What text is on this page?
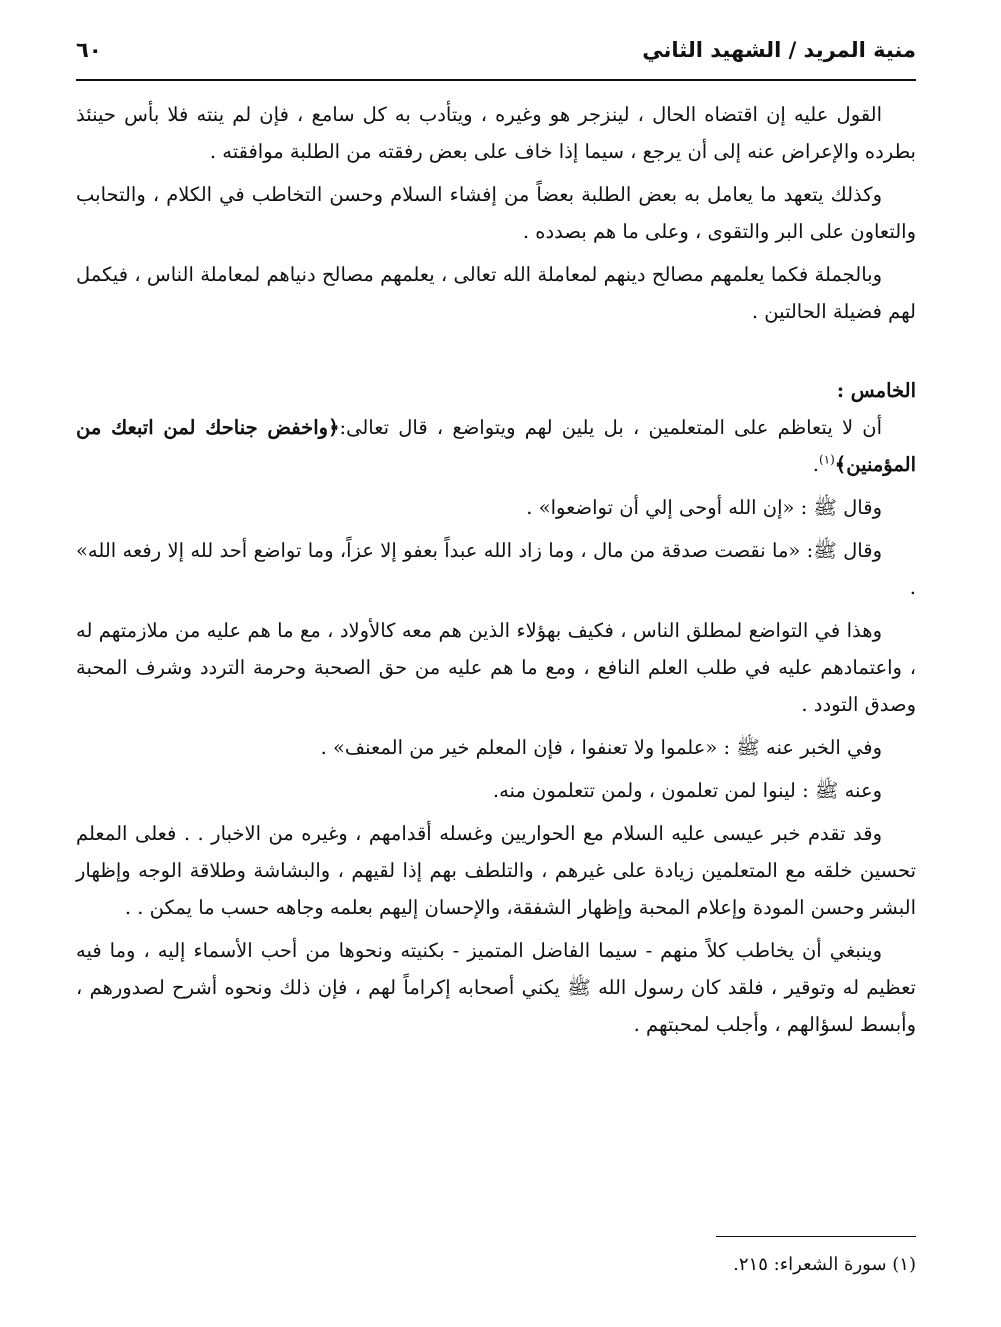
منية المريد / الشهيد الثاني
٦٠

القول عليه إن اقتضاه الحال ، لينزجر هو وغيره ، ويتأدب به كل سامع ، فإن لم ينته فلا بأس حينئذ بطرده والإعراض عنه إلى أن يرجع ، سيما إذا خاف على بعض رفقته من الطلبة موافقته .

وكذلك يتعهد ما يعامل به بعض الطلبة بعضاً من إفشاء السلام وحسن التخاطب في الكلام ، والتحابب والتعاون على البر والتقوى ، وعلى ما هم بصدده .

وبالجملة فكما يعلمهم مصالح دينهم لمعاملة الله تعالى ، يعلمهم مصالح دنياهم لمعاملة الناس ، فيكمل لهم فضيلة الحالتين .

الخامس :

أن لا يتعاظم على المتعلمين ، بل يلين لهم ويتواضع ، قال تعالى:﴿واخفض جناحك لمن اتبعك من المؤمنين﴾$^{(١)}$.

وقال ﷺ : «إن الله أوحى إلي أن تواضعوا» .

وقال ﷺ: «ما نقصت صدقة من مال ، وما زاد الله عبداً بعفو إلا عزاً، وما تواضع أحد لله إلا رفعه الله» .

وهذا في التواضع لمطلق الناس ، فكيف بهؤلاء الذين هم معه كالأولاد ، مع ما هم عليه من ملازمتهم له ، واعتمادهم عليه في طلب العلم النافع ، ومع ما هم عليه من حق الصحبة وحرمة التردد وشرف المحبة وصدق التودد .

وفي الخبر عنه ﷺ : «علموا ولا تعنفوا ، فإن المعلم خير من المعنف» .

وعنه ﷺ : لينوا لمن تعلمون ، ولمن تتعلمون منه.

وقد تقدم خبر عيسى عليه السلام مع الحواريين وغسله أقدامهم ، وغيره من الاخبار . . فعلى المعلم تحسين خلقه مع المتعلمين زيادة على غيرهم ، والتلطف بهم إذا لقيهم ، والبشاشة وطلاقة الوجه وإظهار البشر وحسن المودة وإعلام المحبة وإظهار الشفقة، والإحسان إليهم بعلمه وجاهه حسب ما يمكن . .

وينبغي أن يخاطب كلاً منهم - سيما الفاضل المتميز - بكنيته ونحوها من أحب الأسماء إليه ، وما فيه تعظيم له وتوقير ، فلقد كان رسول الله ﷺ يكني أصحابه إكراماً لهم ، فإن ذلك ونحوه أشرح لصدورهم ، وأبسط لسؤالهم ، وأجلب لمحبتهم .

(١) سورة الشعراء: ٢١٥.
